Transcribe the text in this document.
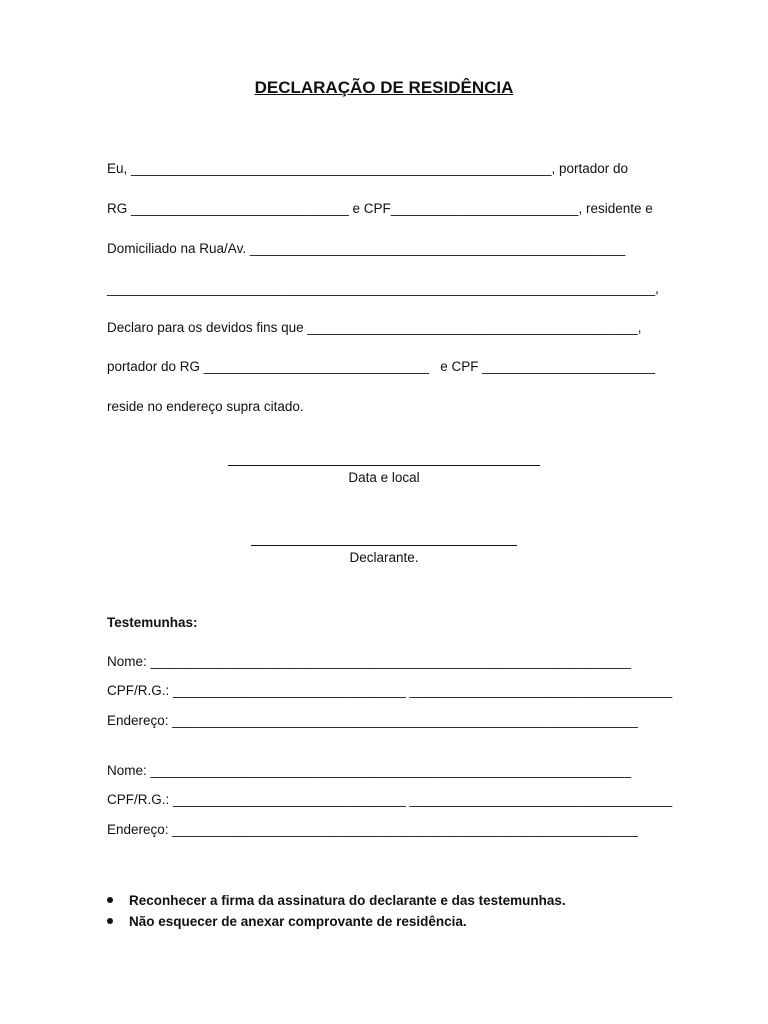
DECLARAÇÃO DE RESIDÊNCIA
Eu, ________________________________________________________, portador do
RG _____________________________ e CPF_________________________, residente e
Domiciliado na Rua/Av. __________________________________________________
_________________________________________________________________________,
Declaro para os devidos fins que ____________________________________________,
portador do RG ______________________________   e CPF _______________________
reside no endereço supra citado.
Data e local
Declarante.
Testemunhas:
Nome: ________________________________________________________________
CPF/R.G.: _______________________________ ___________________________________
Endereço: ______________________________________________________________
Nome: ________________________________________________________________
CPF/R.G.: _______________________________ ___________________________________
Endereço: ______________________________________________________________
Reconhecer a firma da assinatura do declarante e das testemunhas.
Não esquecer de anexar comprovante de residência.
